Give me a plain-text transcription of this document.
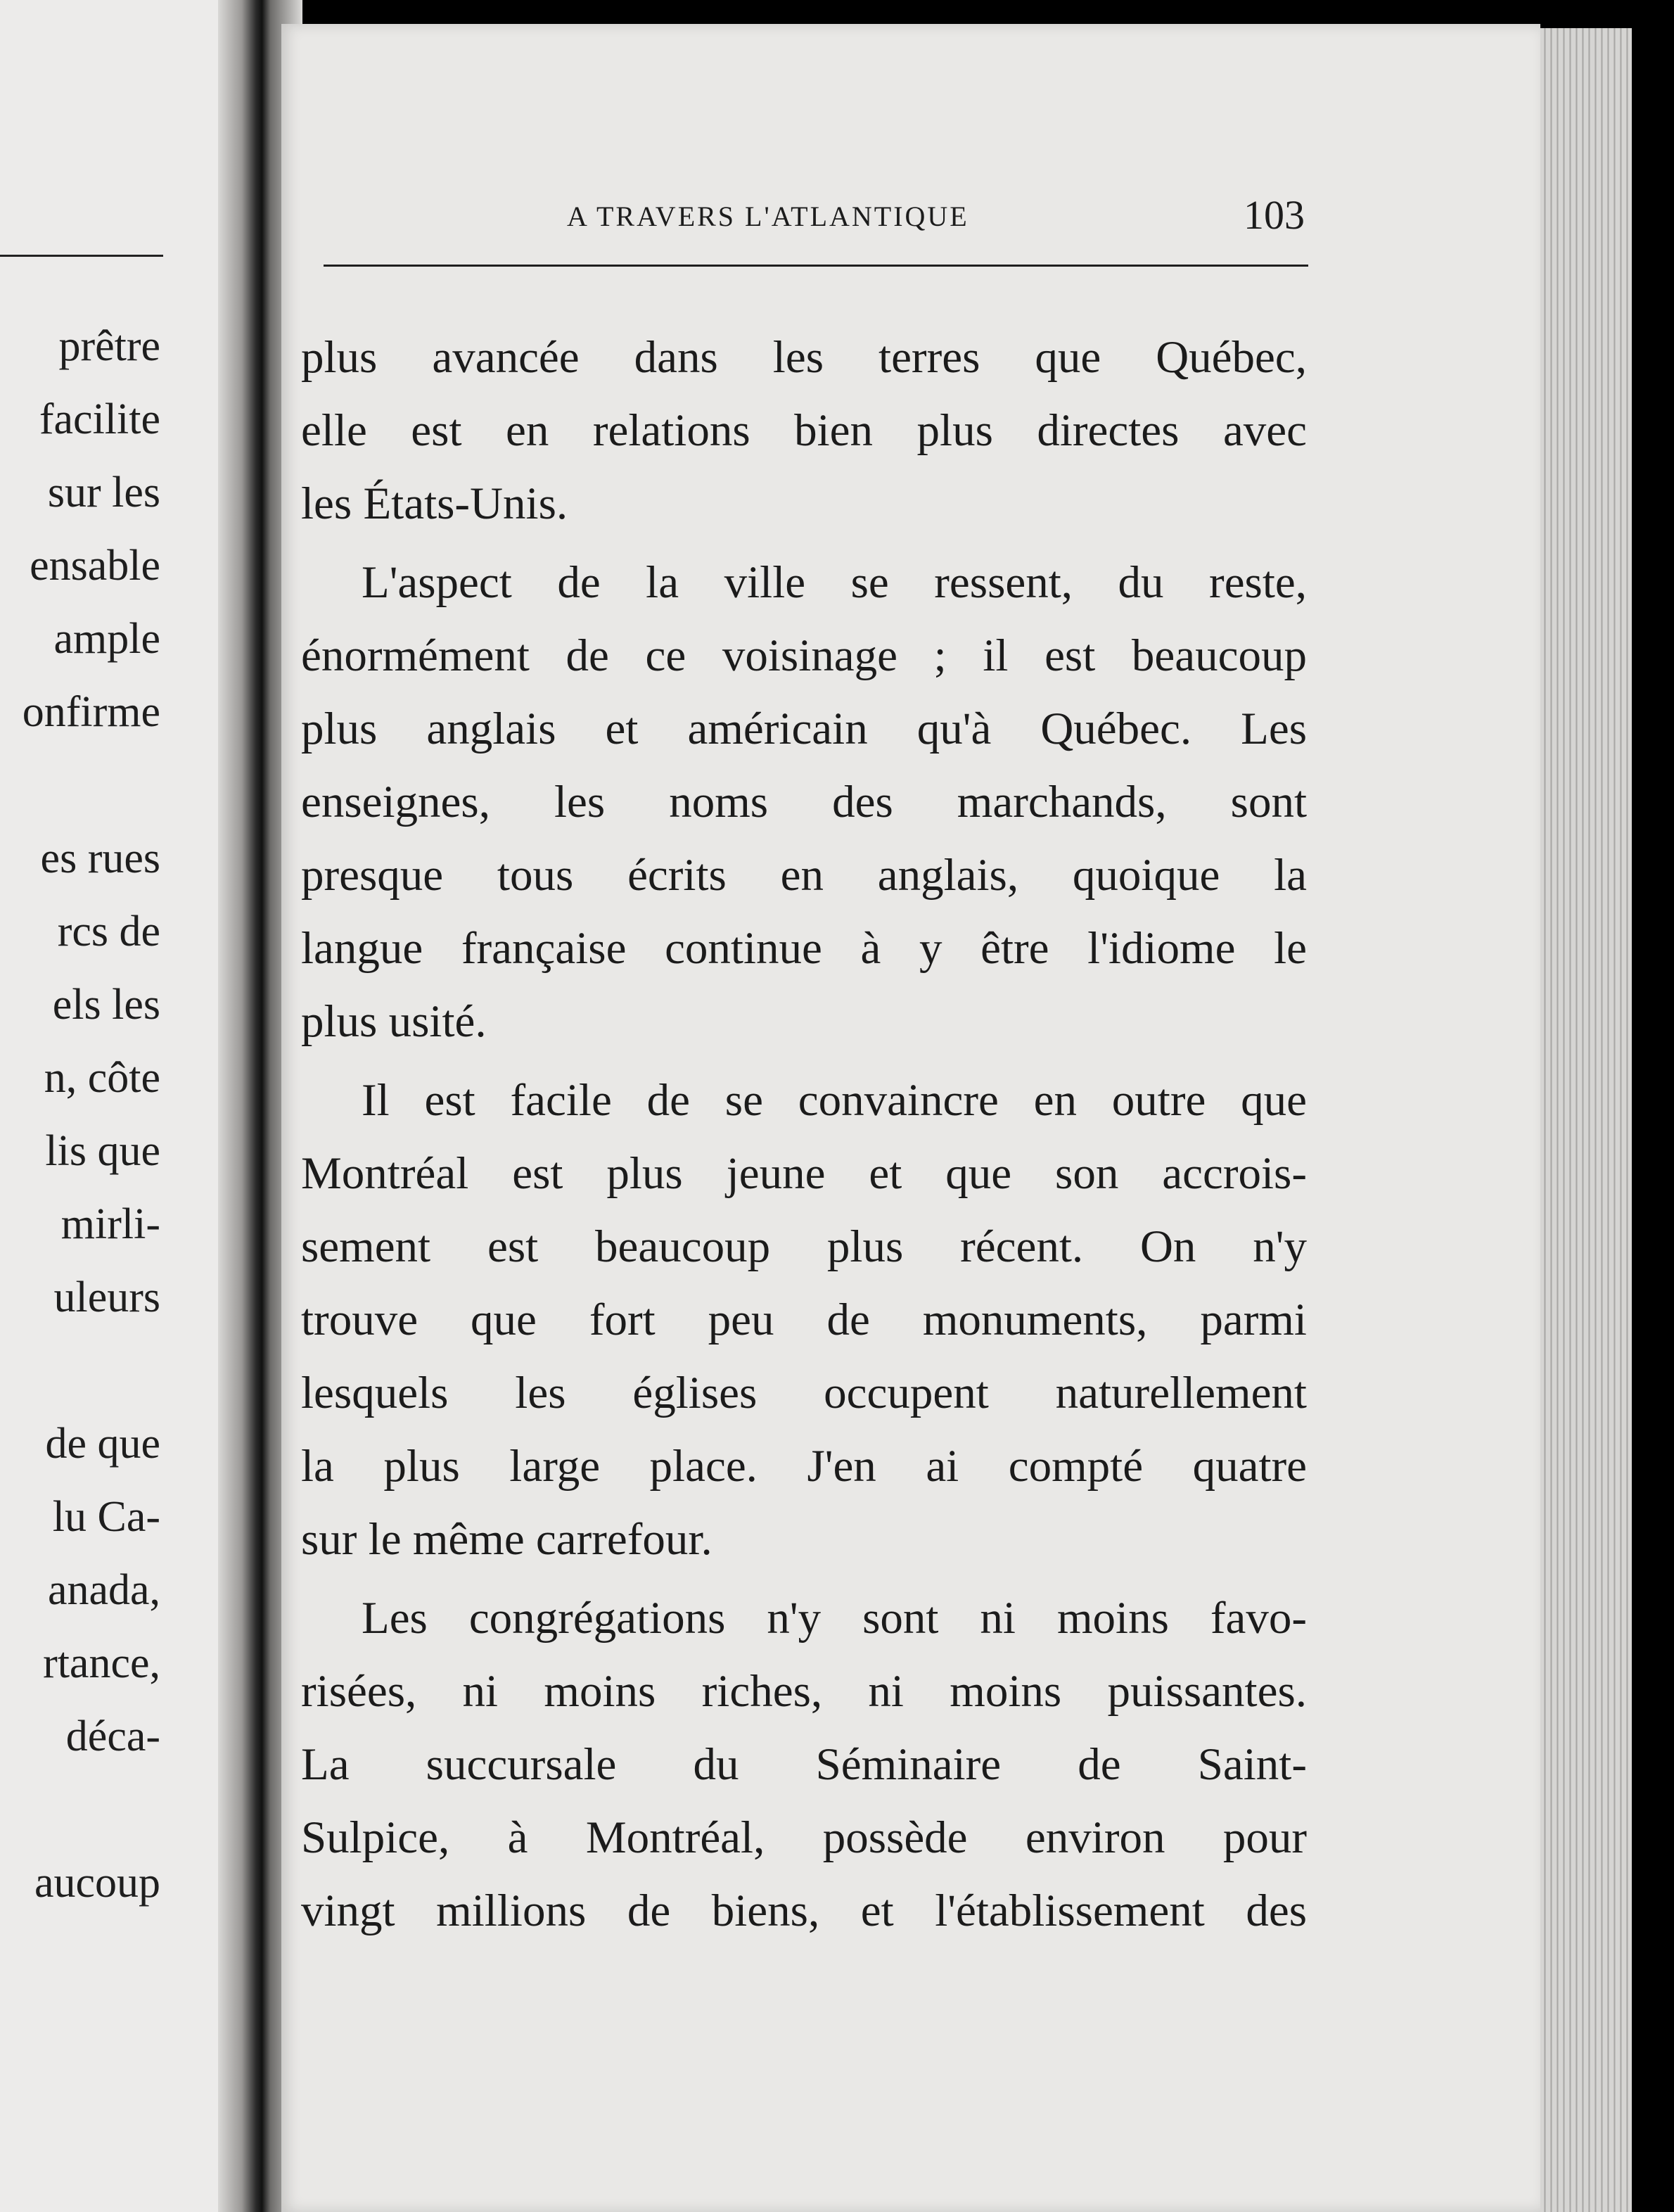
prêtre
facilite
sur les
ensable
ample
onfirme
es rues
rcs de
els les
n, côte
lis que
mirli-
uleurs
de que
lu Ca-
anada,
rtance,
déca-
aucoup
A TRAVERS L'ATLANTIQUE	103
plus avancée dans les terres que Québec,
elle est en relations bien plus directes avec
les États-Unis.
L'aspect de la ville se ressent, du reste,
énormément de ce voisinage ; il est beaucoup
plus anglais et américain qu'à Québec. Les
enseignes, les noms des marchands, sont
presque tous écrits en anglais, quoique la
langue française continue à y être l'idiome le
plus usité.
Il est facile de se convaincre en outre que
Montréal est plus jeune et que son accrois-
sement est beaucoup plus récent. On n'y
trouve que fort peu de monuments, parmi
lesquels les églises occupent naturellement
la plus large place. J'en ai compté quatre
sur le même carrefour.
Les congrégations n'y sont ni moins favo-
risées, ni moins riches, ni moins puissantes.
La succursale du Séminaire de Saint-
Sulpice, à Montréal, possède environ pour
vingt millions de biens, et l'établissement des
